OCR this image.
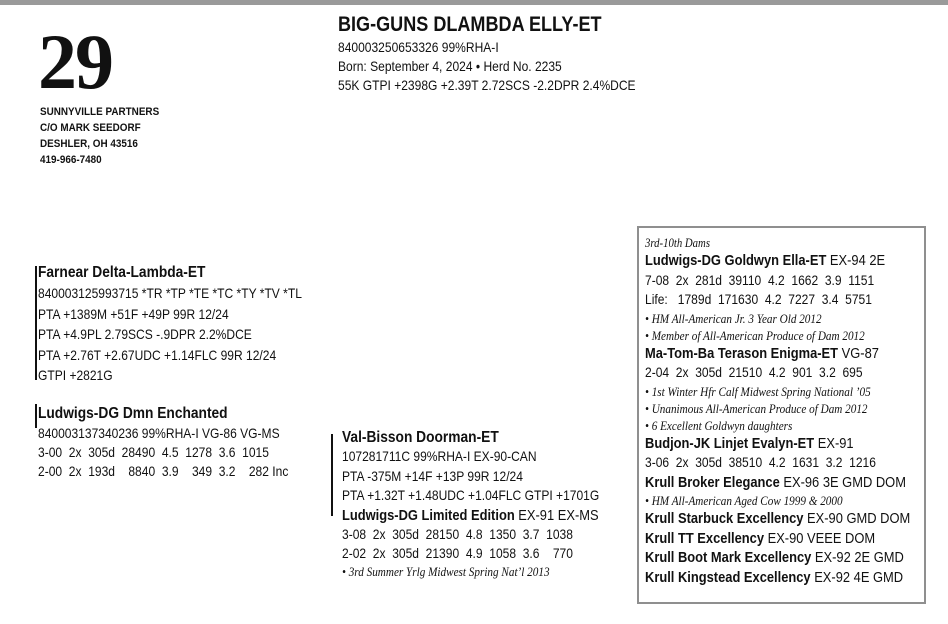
29
SUNNYVILLE PARTNERS
C/O MARK SEEDORF
DESHLER, OH 43516
419-966-7480
BIG-GUNS DLAMBDA ELLY-ET
840003250653326 99%RHA-I
Born: September 4, 2024 • Herd No. 2235
55K GTPI +2398G +2.39T 2.72SCS -2.2DPR 2.4%DCE
Farnear Delta-Lambda-ET
840003125993715 *TR *TP *TE *TC *TY *TV *TL
PTA +1389M +51F +49P 99R 12/24
PTA +4.9PL 2.79SCS -.9DPR 2.2%DCE
PTA +2.76T +2.67UDC +1.14FLC 99R 12/24
GTPI +2821G
Ludwigs-DG Dmn Enchanted
840003137340236 99%RHA-I VG-86 VG-MS
3-00  2x  305d  28490  4.5  1278  3.6  1015
2-00  2x  193d    8840  3.9    349  3.2    282 Inc
Val-Bisson Doorman-ET
107281711C 99%RHA-I EX-90-CAN
PTA -375M +14F +13P 99R 12/24
PTA +1.32T +1.48UDC +1.04FLC GTPI +1701G
Ludwigs-DG Limited Edition EX-91 EX-MS
3-08  2x  305d  28150  4.8  1350  3.7  1038
2-02  2x  305d  21390  4.9  1058  3.6    770
• 3rd Summer Yrlg Midwest Spring Nat’l 2013
3rd-10th Dams
Ludwigs-DG Goldwyn Ella-ET EX-94 2E
7-08  2x  281d  39110  4.2  1662  3.9  1151
Life:   1789d  171630  4.2  7227  3.4  5751
• HM All-American Jr. 3 Year Old 2012
• Member of All-American Produce of Dam 2012
Ma-Tom-Ba Terason Enigma-ET VG-87
2-04  2x  305d  21510  4.2  901  3.2  695
• 1st Winter Hfr Calf Midwest Spring National ’05
• Unanimous All-American Produce of Dam 2012
• 6 Excellent Goldwyn daughters
Budjon-JK Linjet Evalyn-ET EX-91
3-06  2x  305d  38510  4.2  1631  3.2  1216
Krull Broker Elegance EX-96 3E GMD DOM
• HM All-American Aged Cow 1999 & 2000
Krull Starbuck Excellency EX-90 GMD DOM
Krull TT Excellency EX-90 VEEE DOM
Krull Boot Mark Excellency EX-92 2E GMD
Krull Kingstead Excellency EX-92 4E GMD
